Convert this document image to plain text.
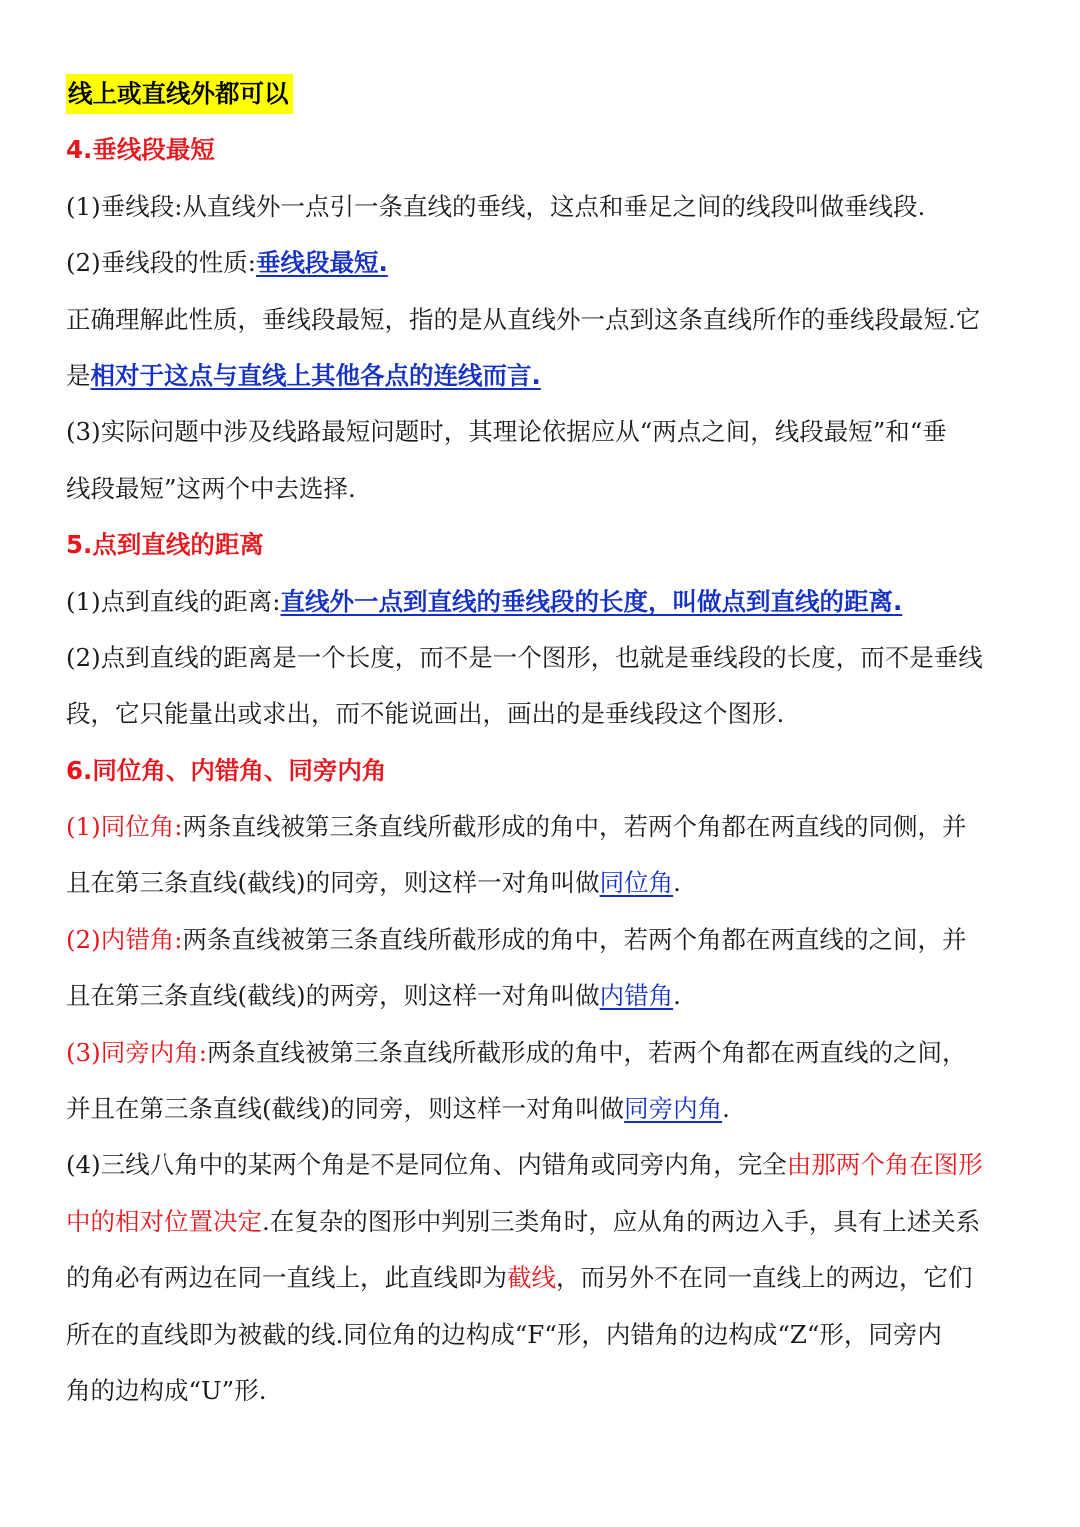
线上或直线外都可以
4.垂线段最短
(1)垂线段:从直线外一点引一条直线的垂线，这点和垂足之间的线段叫做垂线段.
(2)垂线段的性质:垂线段最短.
正确理解此性质，垂线段最短，指的是从直线外一点到这条直线所作的垂线段最短.它
是相对于这点与直线上其他各点的连线而言.
(3)实际问题中涉及线路最短问题时，其理论依据应从“两点之间，线段最短”和“垂
线段最短”这两个中去选择.
5.点到直线的距离
(1)点到直线的距离:直线外一点到直线的垂线段的长度，叫做点到直线的距离.
(2)点到直线的距离是一个长度，而不是一个图形，也就是垂线段的长度，而不是垂线
段，它只能量出或求出，而不能说画出，画出的是垂线段这个图形.
6.同位角、内错角、同旁内角
(1)同位角:两条直线被第三条直线所截形成的角中，若两个角都在两直线的同侧，并
且在第三条直线(截线)的同旁，则这样一对角叫做同位角.
(2)内错角:两条直线被第三条直线所截形成的角中，若两个角都在两直线的之间，并
且在第三条直线(截线)的两旁，则这样一对角叫做内错角.
(3)同旁内角:两条直线被第三条直线所截形成的角中，若两个角都在两直线的之间，
并且在第三条直线(截线)的同旁，则这样一对角叫做同旁内角.
(4)三线八角中的某两个角是不是同位角、内错角或同旁内角，完全由那两个角在图形
中的相对位置决定.在复杂的图形中判别三类角时，应从角的两边入手，具有上述关系
的角必有两边在同一直线上，此直线即为截线，而另外不在同一直线上的两边，它们
所在的直线即为被截的线.同位角的边构成“F“形，内错角的边构成“Z“形，同旁内
角的边构成“U”形.
